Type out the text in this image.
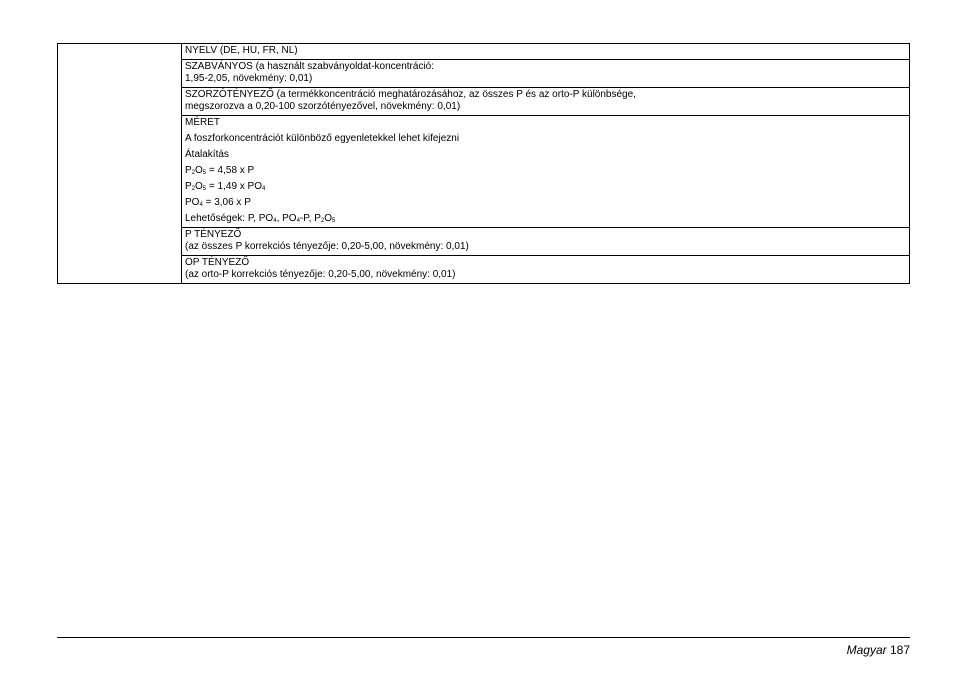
NYELV (DE, HU, FR, NL)

SZABVÁNYOS (a használt szabványoldat-koncentráció:
1,95-2,05, növekmény: 0,01)

SZORZÓTÉNYEZŐ (a termékkoncentráció meghatározásához, az összes P és az orto-P különbsége,
megszorozva a 0,20-100 szorzótényezővel, növekmény: 0,01)

MÉRET
A foszforkoncentrációt különböző egyenletekkel lehet kifejezni
Átalakítás
$P_2O_5 = 4,58$ x P
$P_2O_5 = 1,49$ x $PO_4$
$PO_4 = 3,06$ x P
Lehetőségek: P, $PO_4$, $PO_4-P$, $P_2O_5$

P TÉNYEZŐ
(az összes P korrekciós tényezője: 0,20-5,00, növekmény: 0,01)

OP TÉNYEZŐ
(az orto-P korrekciós tényezője: 0,20-5,00, növekmény: 0,01)
Magyar 187
